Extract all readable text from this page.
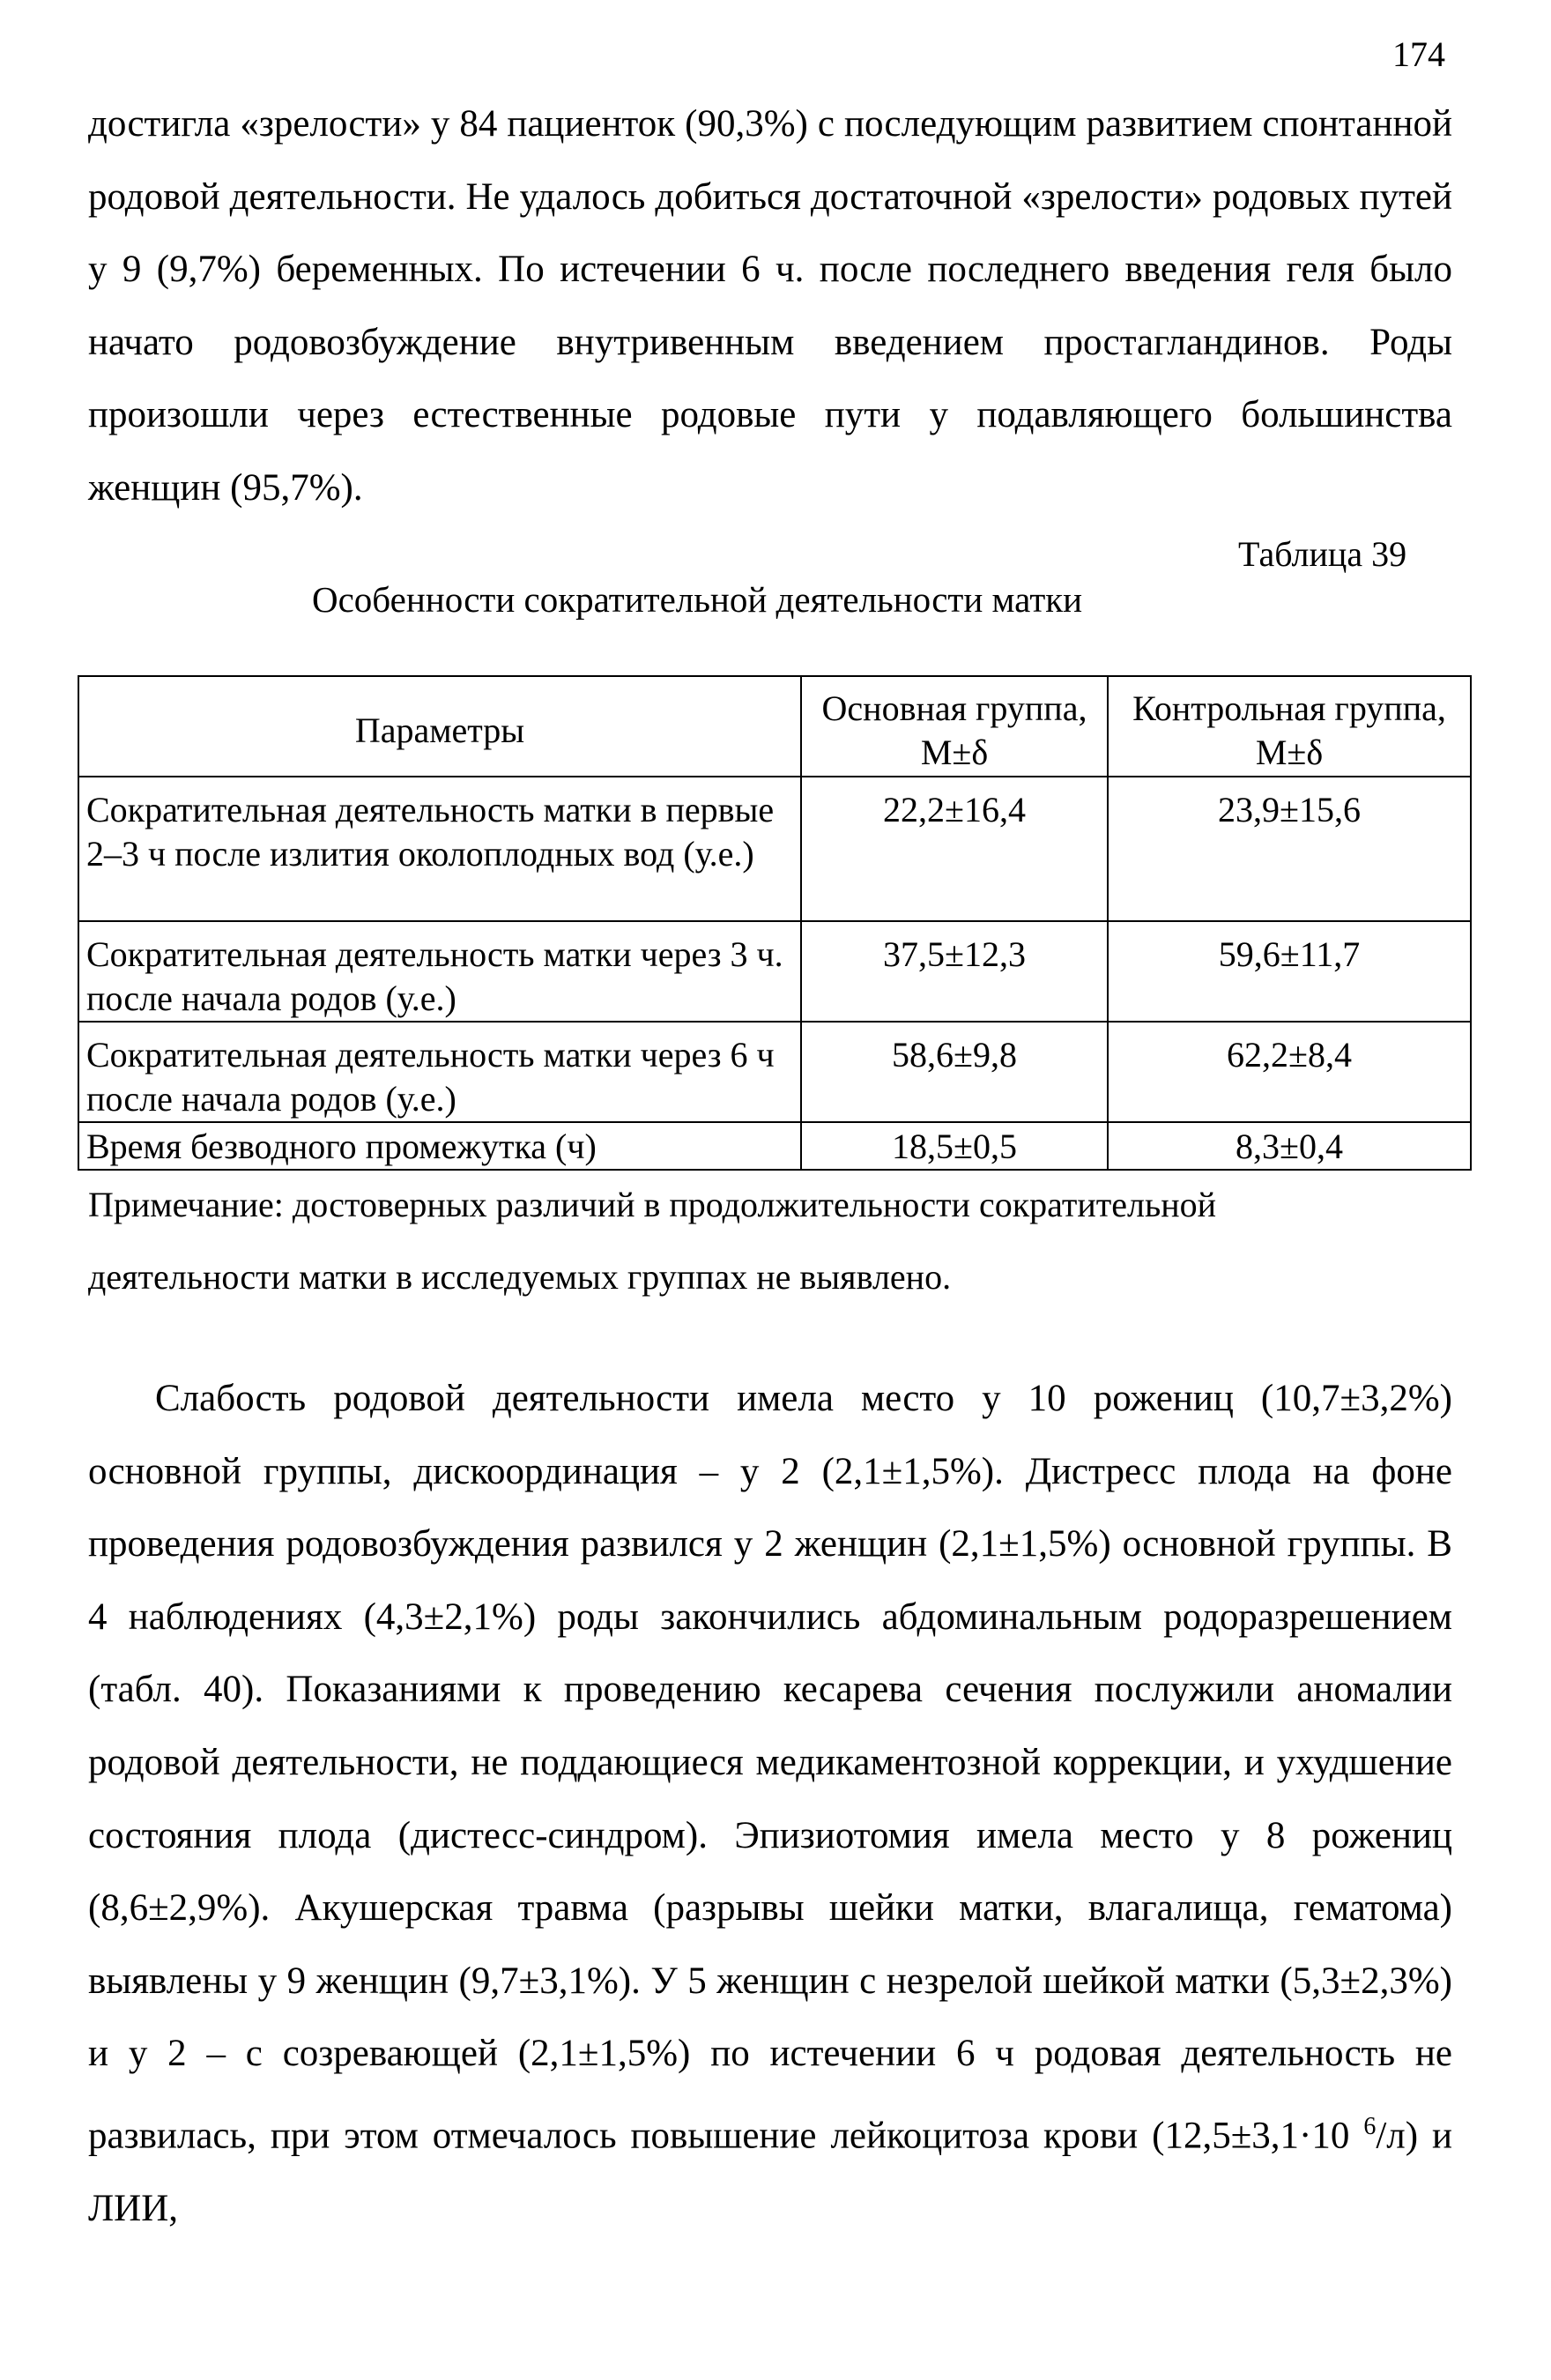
174
достигла «зрелости» у 84 пациенток (90,3%) с последующим развитием спонтанной родовой деятельности. Не удалось добиться достаточной «зрелости» родовых путей у 9 (9,7%) беременных. По истечении 6 ч. после последнего введения геля было начато родовозбуждение внутривенным введением простагландинов. Роды произошли через естественные родовые пути у подавляющего большинства женщин (95,7%).
Таблица 39
Особенности сократительной деятельности матки
Параметры	Основная группа, М±δ	Контрольная группа, М±δ
Сократительная деятельность матки в первые 2–3 ч после излития околоплодных вод (у.е.)	22,2±16,4	23,9±15,6
Сократительная деятельность матки через 3 ч. после начала родов (у.е.)	37,5±12,3	59,6±11,7
Сократительная деятельность матки через 6 ч после начала родов (у.е.)	58,6±9,8	62,2±8,4
Время безводного промежутка (ч)	18,5±0,5	8,3±0,4
Примечание: достоверных различий в продолжительности сократительной деятельности матки в исследуемых группах не выявлено.
Слабость родовой деятельности имела место у 10 рожениц (10,7±3,2%) основной группы, дискоординация – у 2 (2,1±1,5%). Дистресс плода на фоне проведения родовозбуждения развился у 2 женщин (2,1±1,5%) основной группы. В 4 наблюдениях (4,3±2,1%) роды закончились абдоминальным родоразрешением (табл. 40). Показаниями к проведению кесарева сечения послужили аномалии родовой деятельности, не поддающиеся медикаментозной коррекции, и ухудшение состояния плода (дистесс-синдром). Эпизиотомия имела место у 8 рожениц (8,6±2,9%). Акушерская травма (разрывы шейки матки, влагалища, гематома) выявлены у 9 женщин (9,7±3,1%). У 5 женщин с незрелой шейкой матки (5,3±2,3%) и у 2 – с созревающей (2,1±1,5%) по истечении 6 ч родовая деятельность не развилась, при этом отмечалось повышение лейкоцитоза крови (12,5±3,1·10 $^6$/л) и ЛИИ,
